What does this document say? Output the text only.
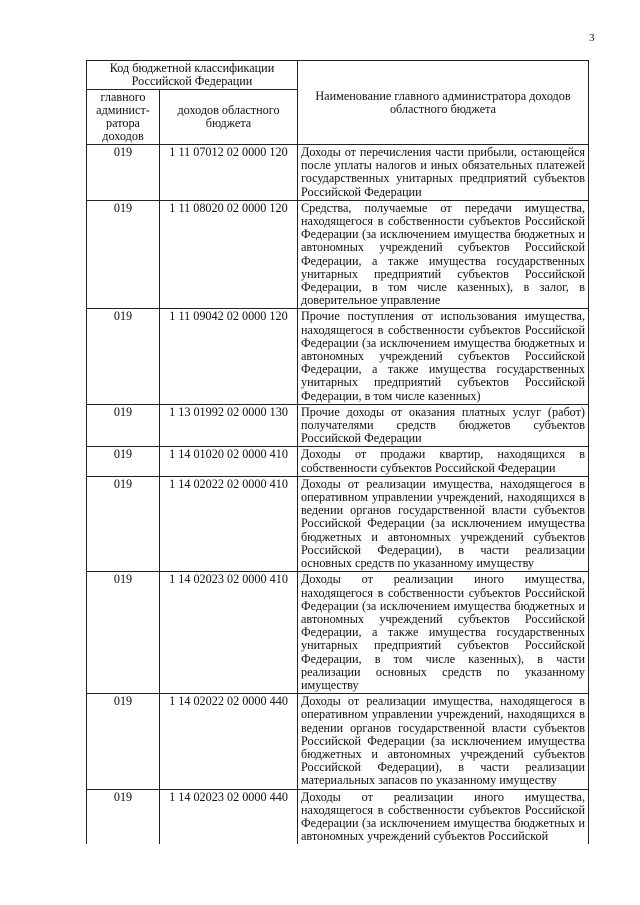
3
Код бюджетной классификации Российской Федерации		Наименование главного администратора доходов областного бюджета
главного админист-ратора доходов	доходов областного бюджета	
019	1 11 07012 02 0000 120	Доходы от перечисления части прибыли, остающейся после уплаты налогов и иных обязательных платежей государственных унитарных предприятий субъектов Российской Федерации
019	1 11 08020 02 0000 120	Средства, получаемые от передачи имущества, находящегося в собственности субъектов Российской Федерации (за исключением имущества бюджетных и автономных учреждений субъектов Российской Федерации, а также имущества государственных унитарных предприятий субъектов Российской Федерации, в том числе казенных), в залог, в доверительное управление
019	1 11 09042 02 0000 120	Прочие поступления от использования имущества, находящегося в собственности субъектов Российской Федерации (за исключением имущества бюджетных и автономных учреждений субъектов Российской Федерации, а также имущества государственных унитарных предприятий субъектов Российской Федерации, в том числе казенных)
019	1 13 01992 02 0000 130	Прочие доходы от оказания платных услуг (работ) получателями средств бюджетов субъектов Российской Федерации
019	1 14 01020 02 0000 410	Доходы от продажи квартир, находящихся в собственности субъектов Российской Федерации
019	1 14 02022 02 0000 410	Доходы от реализации имущества, находящегося в оперативном управлении учреждений, находящихся в ведении органов государственной власти субъектов Российской Федерации (за исключением имущества бюджетных и автономных учреждений субъектов Российской Федерации), в части реализации основных средств по указанному имуществу
019	1 14 02023 02 0000 410	Доходы от реализации иного имущества, находящегося в собственности субъектов Российской Федерации (за исключением имущества бюджетных и автономных учреждений субъектов Российской Федерации, а также имущества государственных унитарных предприятий субъектов Российской Федерации, в том числе казенных), в части реализации основных средств по указанному имуществу
019	1 14 02022 02 0000 440	Доходы от реализации имущества, находящегося в оперативном управлении учреждений, находящихся в ведении органов государственной власти субъектов Российской Федерации (за исключением имущества бюджетных и автономных учреждений субъектов Российской Федерации), в части реализации материальных запасов по указанному имуществу
019	1 14 02023 02 0000 440	Доходы от реализации иного имущества, находящегося в собственности субъектов Российской Федерации (за исключением имущества бюджетных и автономных учреждений субъектов Российской
